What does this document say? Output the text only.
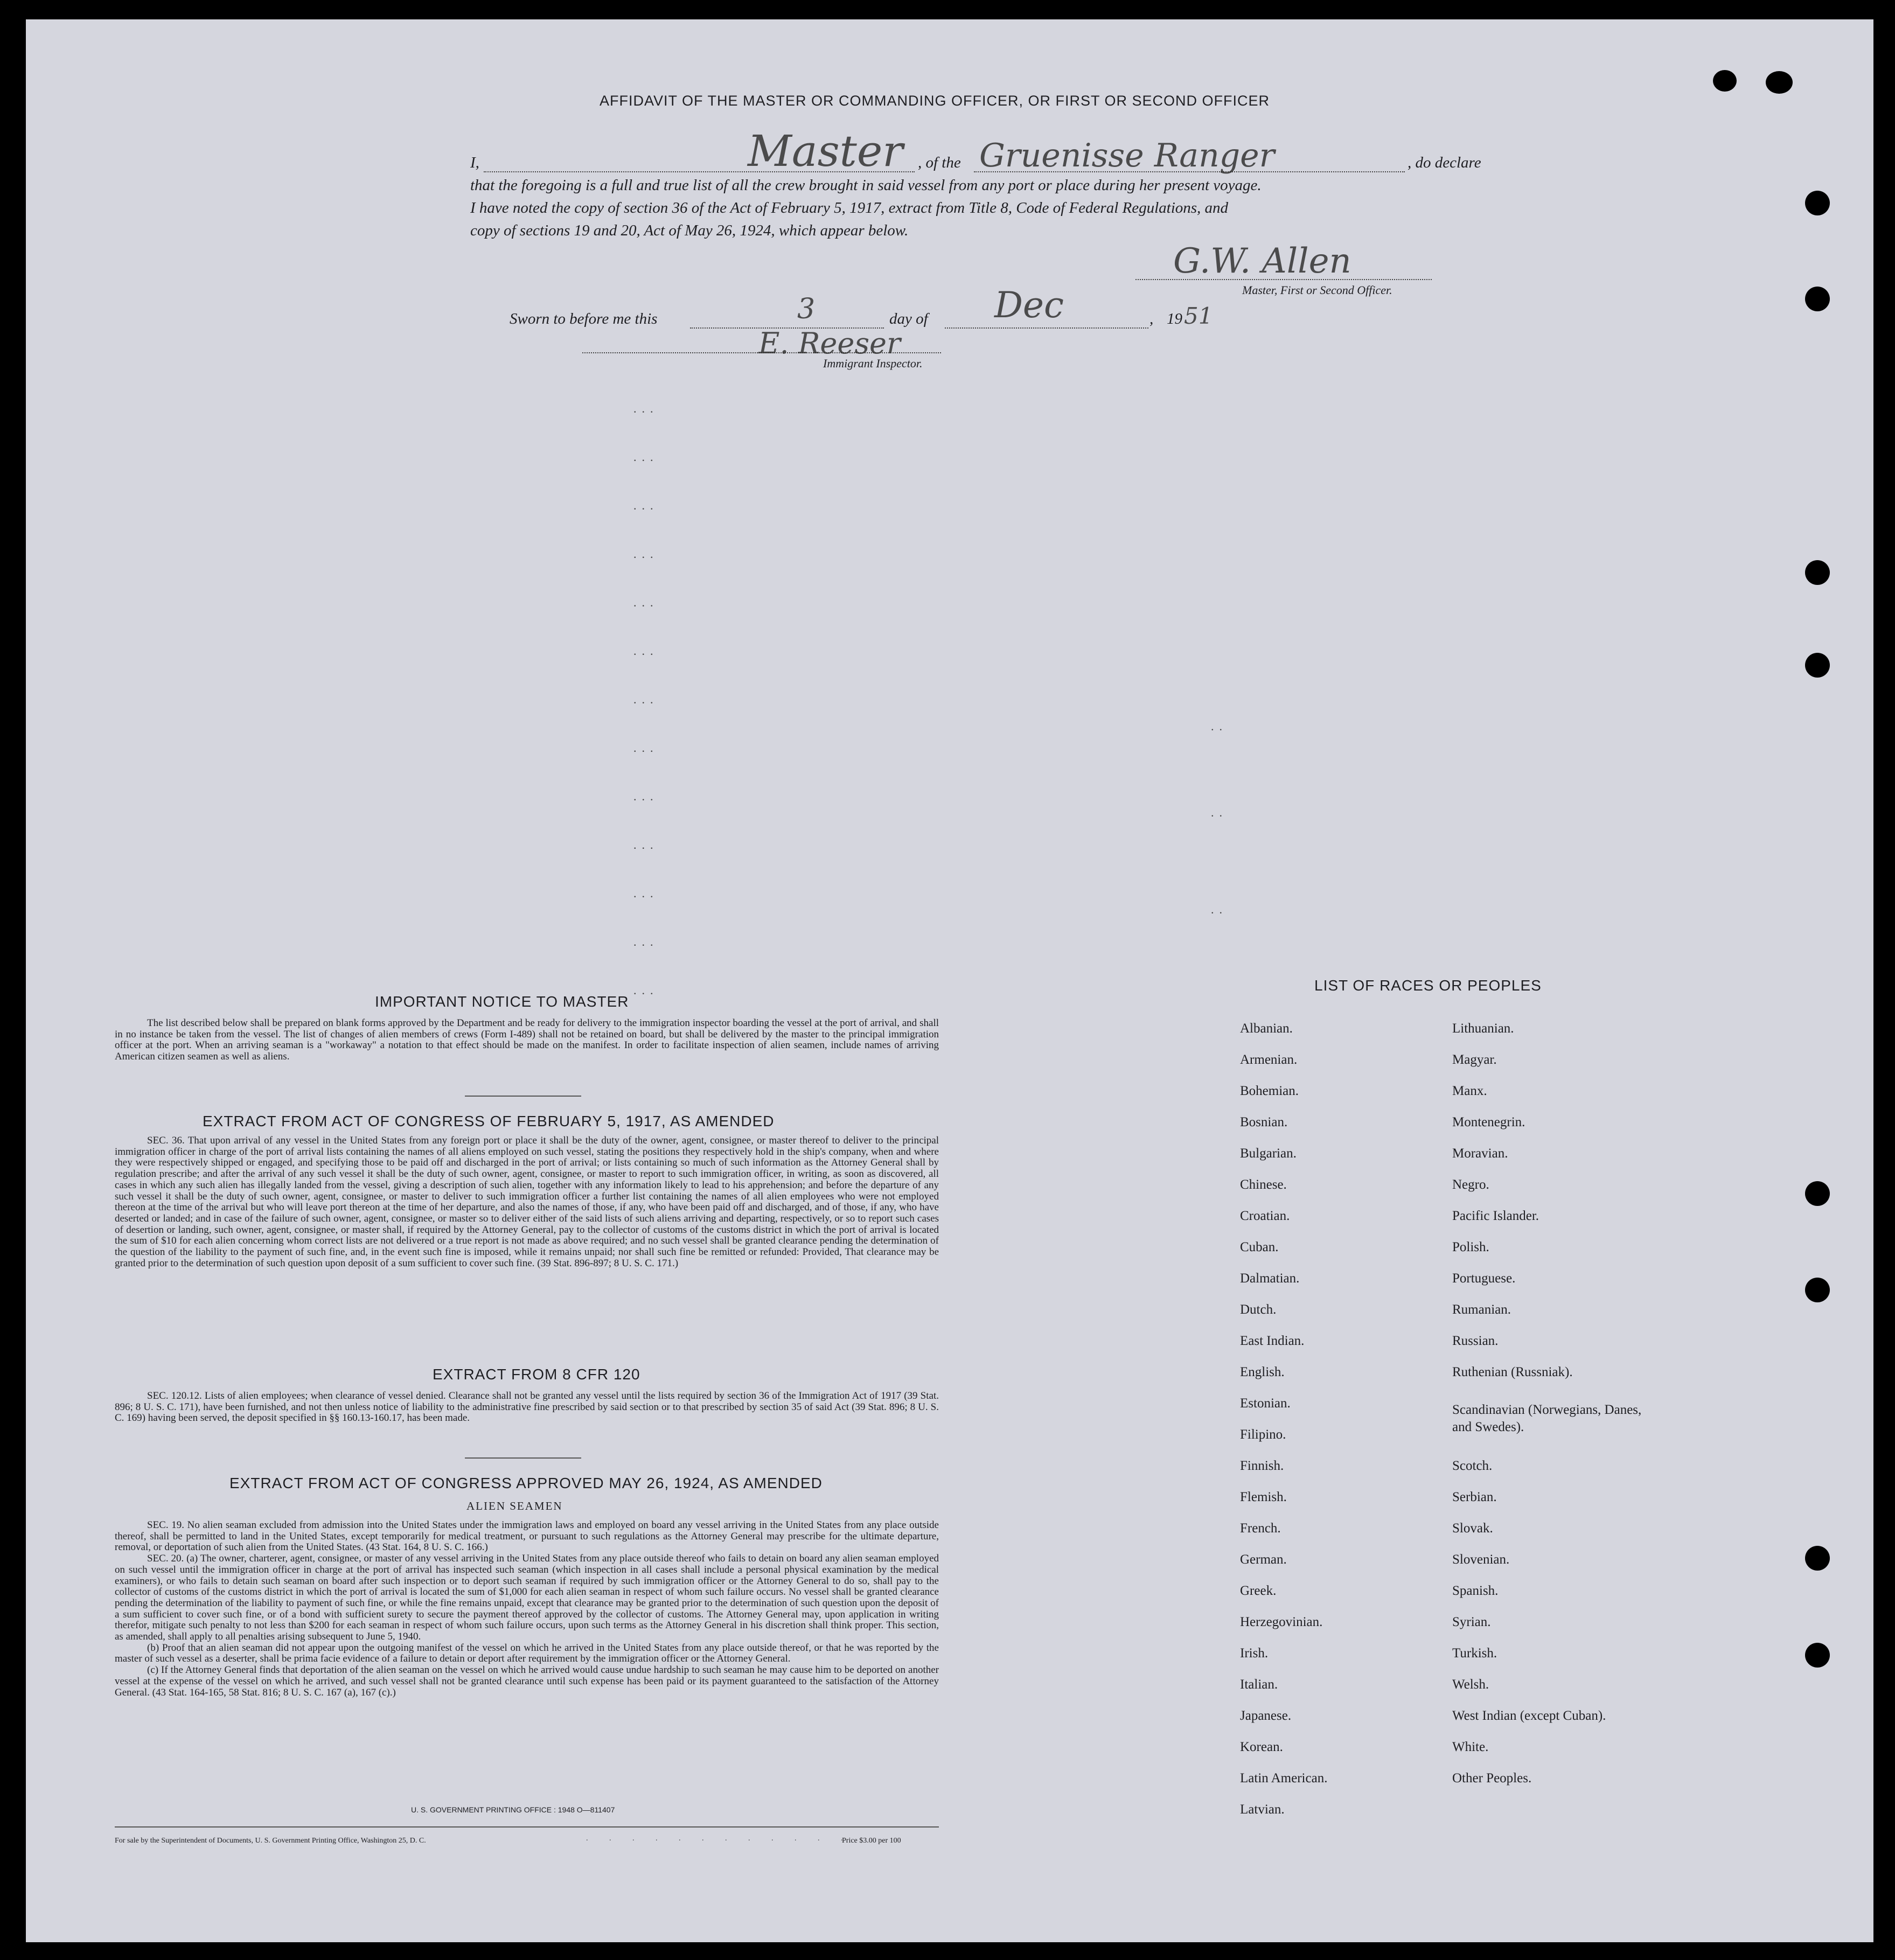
AFFIDAVIT OF THE MASTER OR COMMANDING OFFICER, OR FIRST OR SECOND OFFICER
I,	Master , of the Gruenisse Ranger	, do declare
that the foregoing is a full and true list of all the crew brought in said vessel from any port or place during her present voyage.
I have noted the copy of section 36 of the Act of February 5, 1917, extract from Title 8, Code of Federal Regulations, and
copy of sections 19 and 20, Act of May 26, 1924, which appear below.
G.W. Allen
Master, First or Second Officer.
Sworn to before me this	3	day of Dec	, 19 51
E. Reeser
Immigrant Inspector.
...
...
...
...
...
...
...
...
...
...
...
...
...
..
..
..
IMPORTANT NOTICE TO MASTER
The list described below shall be prepared on blank forms approved by the Department and be ready for delivery to the immigration inspector boarding the vessel at the port of arrival, and shall in no instance be taken from the vessel. The list of changes of alien members of crews (Form I-489) shall not be retained on board, but shall be delivered by the master to the principal immigration officer at the port. When an arriving seaman is a "workaway" a notation to that effect should be made on the manifest. In order to facilitate inspection of alien seamen, include names of arriving American citizen seamen as well as aliens.
EXTRACT FROM ACT OF CONGRESS OF FEBRUARY 5, 1917, AS AMENDED
SEC. 36. That upon arrival of any vessel in the United States from any foreign port or place it shall be the duty of the owner, agent, consignee, or master thereof to deliver to the principal immigration officer in charge of the port of arrival lists containing the names of all aliens employed on such vessel, stating the positions they respectively hold in the ship's company, when and where they were respectively shipped or engaged, and specifying those to be paid off and discharged in the port of arrival; or lists containing so much of such information as the Attorney General shall by regulation prescribe; and after the arrival of any such vessel it shall be the duty of such owner, agent, consignee, or master to report to such immigration officer, in writing, as soon as discovered, all cases in which any such alien has illegally landed from the vessel, giving a description of such alien, together with any information likely to lead to his apprehension; and before the departure of any such vessel it shall be the duty of such owner, agent, consignee, or master to deliver to such immigration officer a further list containing the names of all alien employees who were not employed thereon at the time of the arrival but who will leave port thereon at the time of her departure, and also the names of those, if any, who have been paid off and discharged, and of those, if any, who have deserted or landed; and in case of the failure of such owner, agent, consignee, or master so to deliver either of the said lists of such aliens arriving and departing, respectively, or so to report such cases of desertion or landing, such owner, agent, consignee, or master shall, if required by the Attorney General, pay to the collector of customs of the customs district in which the port of arrival is located the sum of $10 for each alien concerning whom correct lists are not delivered or a true report is not made as above required; and no such vessel shall be granted clearance pending the determination of the question of the liability to the payment of such fine, and, in the event such fine is imposed, while it remains unpaid; nor shall such fine be remitted or refunded: Provided, That clearance may be granted prior to the determination of such question upon deposit of a sum sufficient to cover such fine. (39 Stat. 896-897; 8 U. S. C. 171.)
EXTRACT FROM 8 CFR 120
SEC. 120.12. Lists of alien employees; when clearance of vessel denied. Clearance shall not be granted any vessel until the lists required by section 36 of the Immigration Act of 1917 (39 Stat. 896; 8 U. S. C. 171), have been furnished, and not then unless notice of liability to the administrative fine prescribed by said section or to that prescribed by section 35 of said Act (39 Stat. 896; 8 U. S. C. 169) having been served, the deposit specified in §§ 160.13-160.17, has been made.
EXTRACT FROM ACT OF CONGRESS APPROVED MAY 26, 1924, AS AMENDED
ALIEN SEAMEN
SEC. 19. No alien seaman excluded from admission into the United States under the immigration laws and employed on board any vessel arriving in the United States from any place outside thereof, shall be permitted to land in the United States, except temporarily for medical treatment, or pursuant to such regulations as the Attorney General may prescribe for the ultimate departure, removal, or deportation of such alien from the United States. (43 Stat. 164, 8 U. S. C. 166.)
SEC. 20. (a) The owner, charterer, agent, consignee, or master of any vessel arriving in the United States from any place outside thereof who fails to detain on board any alien seaman employed on such vessel until the immigration officer in charge at the port of arrival has inspected such seaman (which inspection in all cases shall include a personal physical examination by the medical examiners), or who fails to detain such seaman on board after such inspection or to deport such seaman if required by such immigration officer or the Attorney General to do so, shall pay to the collector of customs of the customs district in which the port of arrival is located the sum of $1,000 for each alien seaman in respect of whom such failure occurs. No vessel shall be granted clearance pending the determination of the liability to payment of such fine, or while the fine remains unpaid, except that clearance may be granted prior to the determination of such question upon the deposit of a sum sufficient to cover such fine, or of a bond with sufficient surety to secure the payment thereof approved by the collector of customs. The Attorney General may, upon application in writing therefor, mitigate such penalty to not less than $200 for each seaman in respect of whom such failure occurs, upon such terms as the Attorney General in his discretion shall think proper. This section, as amended, shall apply to all penalties arising subsequent to June 5, 1940.
(b) Proof that an alien seaman did not appear upon the outgoing manifest of the vessel on which he arrived in the United States from any place outside thereof, or that he was reported by the master of such vessel as a deserter, shall be prima facie evidence of a failure to detain or deport after requirement by the immigration officer or the Attorney General.
(c) If the Attorney General finds that deportation of the alien seaman on the vessel on which he arrived would cause undue hardship to such seaman he may cause him to be deported on another vessel at the expense of the vessel on which he arrived, and such vessel shall not be granted clearance until such expense has been paid or its payment guaranteed to the satisfaction of the Attorney General. (43 Stat. 164-165, 58 Stat. 816; 8 U. S. C. 167 (a), 167 (c).)
U. S. GOVERNMENT PRINTING OFFICE : 1948 O—811407
For sale by the Superintendent of Documents, U. S. Government Printing Office, Washington 25, D. C.	. . . . . . . . . . . .
Price $3.00 per 100
LIST OF RACES OR PEOPLES
Albanian.
Armenian.
Bohemian.
Bosnian.
Bulgarian.
Chinese.
Croatian.
Cuban.
Dalmatian.
Dutch.
East Indian.
English.
Estonian.
Filipino.
Finnish.
Flemish.
French.
German.
Greek.
Herzegovinian.
Irish.
Italian.
Japanese.
Korean.
Latin American.
Latvian.
Lithuanian.
Magyar.
Manx.
Montenegrin.
Moravian.
Negro.
Pacific Islander.
Polish.
Portuguese.
Rumanian.
Russian.
Ruthenian (Russniak).
Scandinavian (Norwegians, Danes, and Swedes).
Scotch.
Serbian.
Slovak.
Slovenian.
Spanish.
Syrian.
Turkish.
Welsh.
West Indian (except Cuban).
White.
Other Peoples.
